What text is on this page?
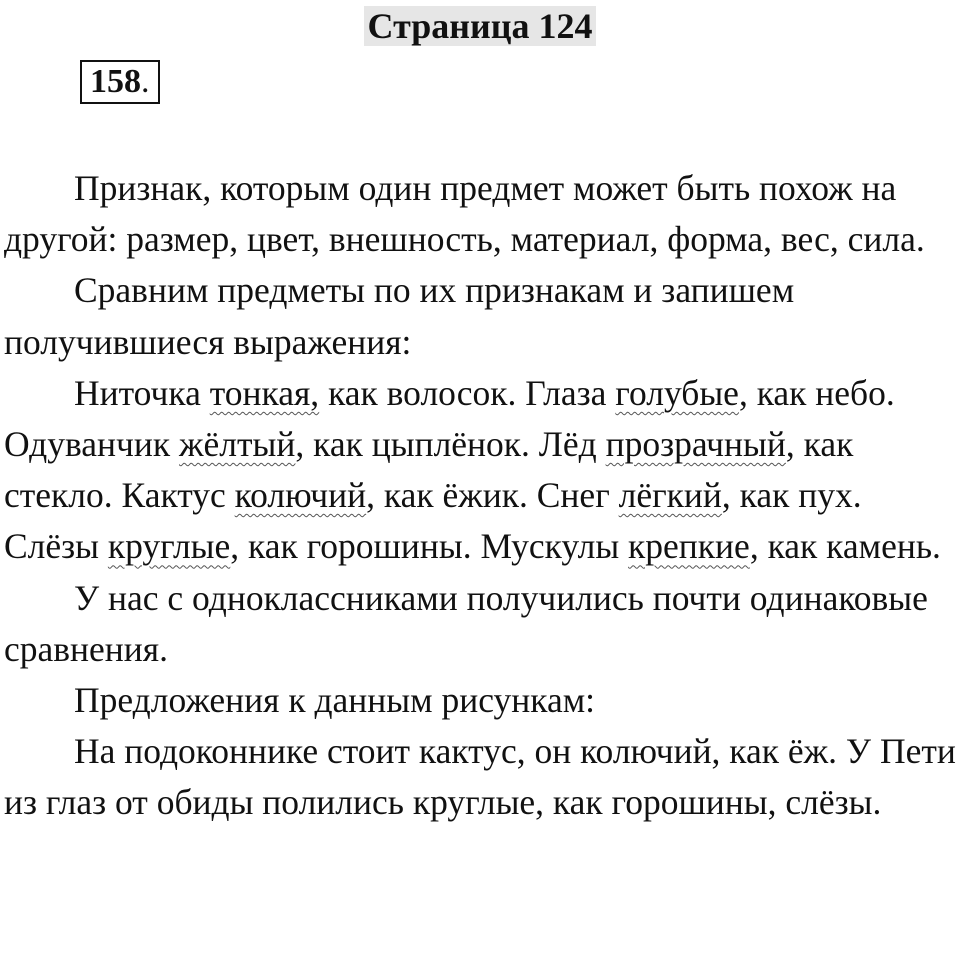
Страница 124
158.

Признак, которым один предмет может быть похож на другой: размер, цвет, внешность, материал, форма, вес, сила.

Сравним предметы по их признакам и запишем получившиеся выражения:

Ниточка тонкая, как волосок. Глаза голубые, как небо. Одуванчик жёлтый, как цыплёнок. Лёд прозрачный, как стекло. Кактус колючий, как ёжик. Снег лёгкий, как пух. Слёзы круглые, как горошины. Мускулы крепкие, как камень.

У нас с одноклассниками получились почти одинаковые сравнения.

Предложения к данным рисункам:

На подоконнике стоит кактус, он колючий, как ёж. У Пети из глаз от обиды полились круглые, как горошины, слёзы.
